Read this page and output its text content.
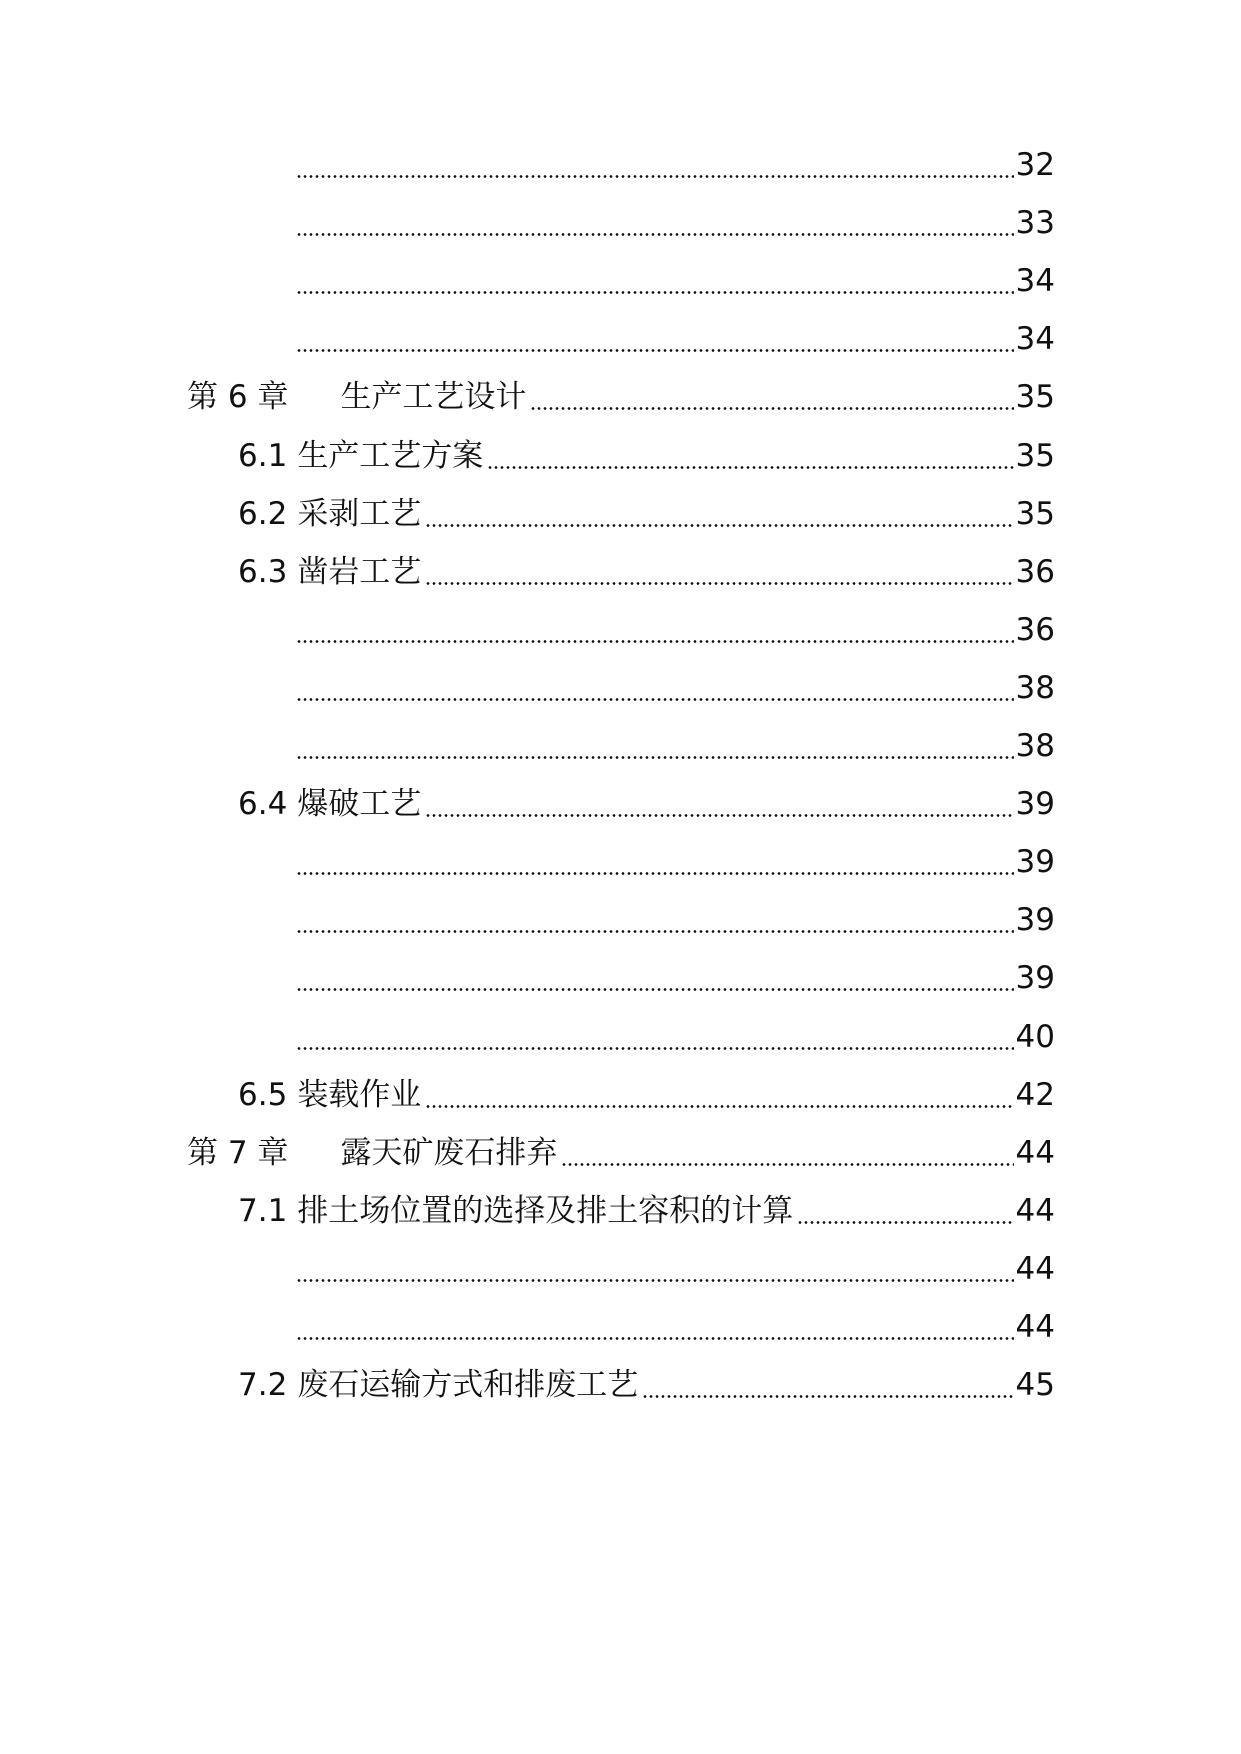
32
33
34
34
第 6 章 生产工艺设计	35
6.1 生产工艺方案	35
6.2 采剥工艺	35
6.3 凿岩工艺	36
36
38
38
6.4 爆破工艺	39
39
39
39
40
6.5 装载作业	42
第 7 章 露天矿废石排弃	44
7.1 排土场位置的选择及排土容积的计算	44
44
44
7.2 废石运输方式和排废工艺	45
